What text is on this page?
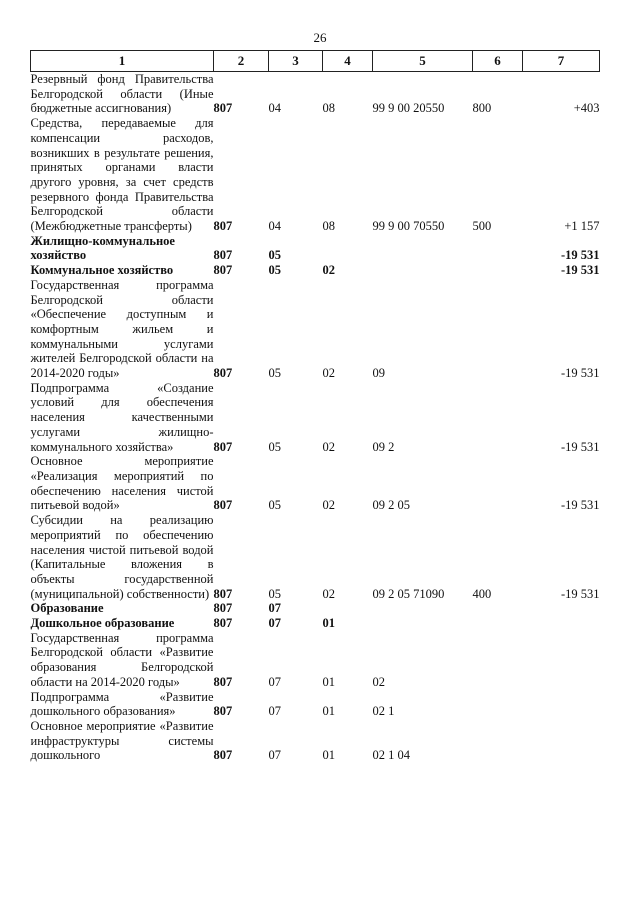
26
1	2	3	4	5	6	7
Резервный фонд Правительства Белгородской области (Иные бюджетные ассигнования)	807	04	08	99 9 00 20550	800	+403
Средства, передаваемые для компенсации расходов, возникших в результате решения, принятых органами власти другого уровня, за счет средств резервного фонда Правительства Белгородской области (Межбюджетные трансферты)	807	04	08	99 9 00 70550	500	+1 157
Жилищно-коммунальное хозяйство	807	05				-19 531
Коммунальное хозяйство	807	05	02			-19 531
Государственная программа Белгородской области «Обеспечение доступным и комфортным жильем и коммунальными услугами жителей Белгородской области на 2014-2020 годы»	807	05	02	09		-19 531
Подпрограмма «Создание условий для обеспечения населения качественными услугами жилищно-коммунального хозяйства»	807	05	02	09 2		-19 531
Основное мероприятие «Реализация мероприятий по обеспечению населения чистой питьевой водой»	807	05	02	09 2 05		-19 531
Субсидии на реализацию мероприятий по обеспечению населения чистой питьевой водой (Капитальные вложения в объекты государственной (муниципальной) собственности)	807	05	02	09 2 05 71090	400	-19 531
Образование	807	07				
Дошкольное образование	807	07	01			
Государственная программа Белгородской области «Развитие образования Белгородской области на 2014-2020 годы»	807	07	01	02		
Подпрограмма «Развитие дошкольного образования»	807	07	01	02 1		
Основное мероприятие «Развитие инфраструктуры системы дошкольного	807	07	01	02 1 04		
